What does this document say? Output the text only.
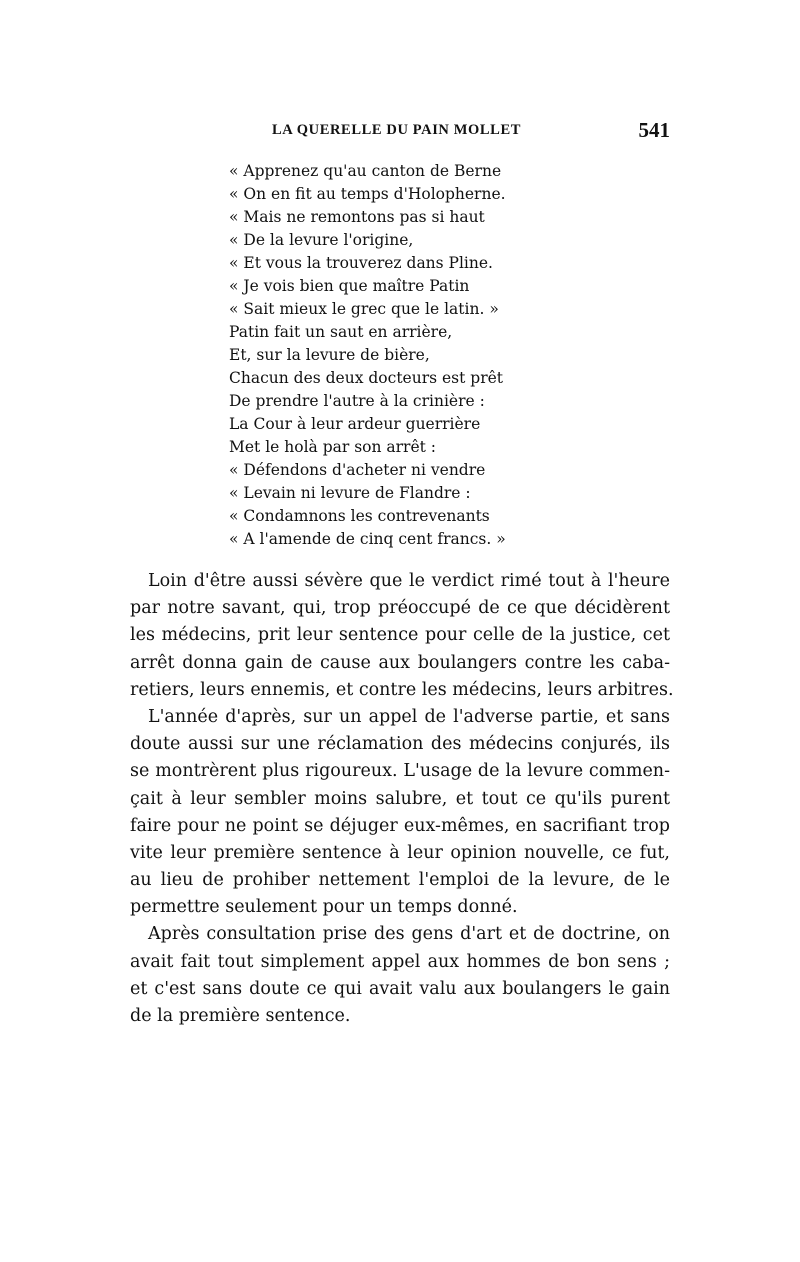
LA QUERELLE DU PAIN MOLLET	541
« Apprenez qu'au canton de Berne
« On en fit au temps d'Holopherne.
« Mais ne remontons pas si haut
« De la levure l'origine,
« Et vous la trouverez dans Pline.
« Je vois bien que maître Patin
« Sait mieux le grec que le latin. »
Patin fait un saut en arrière,
Et, sur la levure de bière,
Chacun des deux docteurs est prêt
De prendre l'autre à la crinière :
La Cour à leur ardeur guerrière
Met le holà par son arrêt :
« Défendons d'acheter ni vendre
« Levain ni levure de Flandre :
« Condamnons les contrevenants
« A l'amende de cinq cent francs. »

Loin d'être aussi sévère que le verdict rimé tout à l'heure
par notre savant, qui, trop préoccupé de ce que décidèrent
les médecins, prit leur sentence pour celle de la justice, cet
arrêt donna gain de cause aux boulangers contre les caba-
retiers, leurs ennemis, et contre les médecins, leurs arbitres.

L'année d'après, sur un appel de l'adverse partie, et sans
doute aussi sur une réclamation des médecins conjurés, ils
se montrèrent plus rigoureux. L'usage de la levure commen-
çait à leur sembler moins salubre, et tout ce qu'ils purent
faire pour ne point se déjuger eux-mêmes, en sacrifiant trop
vite leur première sentence à leur opinion nouvelle, ce fut,
au lieu de prohiber nettement l'emploi de la levure, de le
permettre seulement pour un temps donné.

Après consultation prise des gens d'art et de doctrine, on
avait fait tout simplement appel aux hommes de bon sens ;
et c'est sans doute ce qui avait valu aux boulangers le gain
de la première sentence.
